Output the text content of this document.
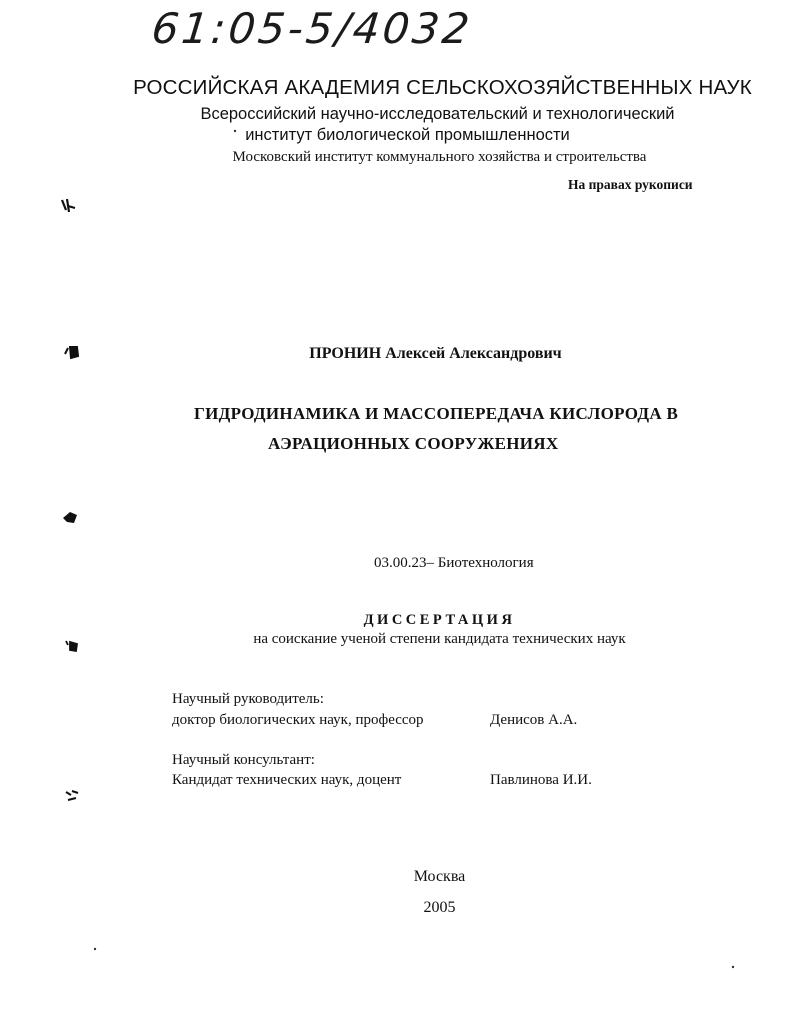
61:05-5/4032
РОССИЙСКАЯ АКАДЕМИЯ СЕЛЬСКОХОЗЯЙСТВЕННЫХ НАУК
Всероссийский научно-исследовательский и технологический
институт биологической промышленности
Московский институт коммунального хозяйства и строительства
На правах рукописи
ПРОНИН Алексей Александрович
ГИДРОДИНАМИКА И МАССОПЕРЕДАЧА КИСЛОРОДА В
АЭРАЦИОННЫХ СООРУЖЕНИЯХ
03.00.23– Биотехнология
ДИССЕРТАЦИЯ
на соискание ученой степени кандидата технических наук
Научный руководитель:
доктор биологических наук, профессор	Денисов А.А.
Научный консультант:
Кандидат технических наук, доцент	Павлинова И.И.
Москва
2005
